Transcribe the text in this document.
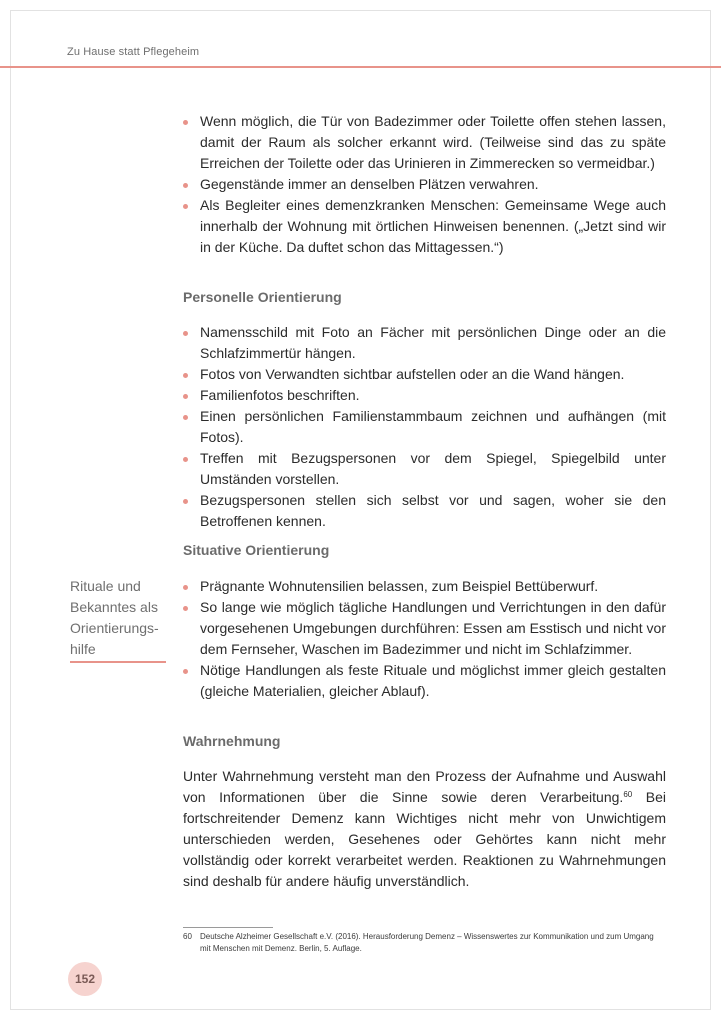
Zu Hause statt Pflegeheim
Wenn möglich, die Tür von Badezimmer oder Toilette offen stehen lassen, damit der Raum als solcher erkannt wird. (Teilweise sind das zu späte Erreichen der Toilette oder das Urinieren in Zimmerecken so vermeidbar.)
Gegenstände immer an denselben Plätzen verwahren.
Als Begleiter eines demenzkranken Menschen: Gemeinsame Wege auch innerhalb der Wohnung mit örtlichen Hinweisen benennen. („Jetzt sind wir in der Küche. Da duftet schon das Mittagessen.“)
Personelle Orientierung
Namensschild mit Foto an Fächer mit persönlichen Dinge oder an die Schlafzimmertür hängen.
Fotos von Verwandten sichtbar aufstellen oder an die Wand hängen.
Familienfotos beschriften.
Einen persönlichen Familienstammbaum zeichnen und aufhängen (mit Fotos).
Treffen mit Bezugspersonen vor dem Spiegel, Spiegelbild unter Umständen vorstellen.
Bezugspersonen stellen sich selbst vor und sagen, woher sie den Betroffenen kennen.
Situative Orientierung
Rituale und Bekanntes als Orientierungshilfe
Prägnante Wohnutensilien belassen, zum Beispiel Bettüberwurf.
So lange wie möglich tägliche Handlungen und Verrichtungen in den dafür vorgesehenen Umgebungen durchführen: Essen am Esstisch und nicht vor dem Fernseher, Waschen im Badezimmer und nicht im Schlafzimmer.
Nötige Handlungen als feste Rituale und möglichst immer gleich gestalten (gleiche Materialien, gleicher Ablauf).
Wahrnehmung
Unter Wahrnehmung versteht man den Prozess der Aufnahme und Auswahl von Informationen über die Sinne sowie deren Verarbeitung.$^{60}$ Bei fortschreitender Demenz kann Wichtiges nicht mehr von Unwichtigem unterschieden werden, Gesehenes oder Gehörtes kann nicht mehr vollständig oder korrekt verarbeitet werden. Reaktionen zu Wahrnehmungen sind deshalb für andere häufig unverständlich.
60	Deutsche Alzheimer Gesellschaft e.V. (2016). Herausforderung Demenz – Wissenswertes zur Kommunikation und zum Umgang mit Menschen mit Demenz. Berlin, 5. Auflage.
152
